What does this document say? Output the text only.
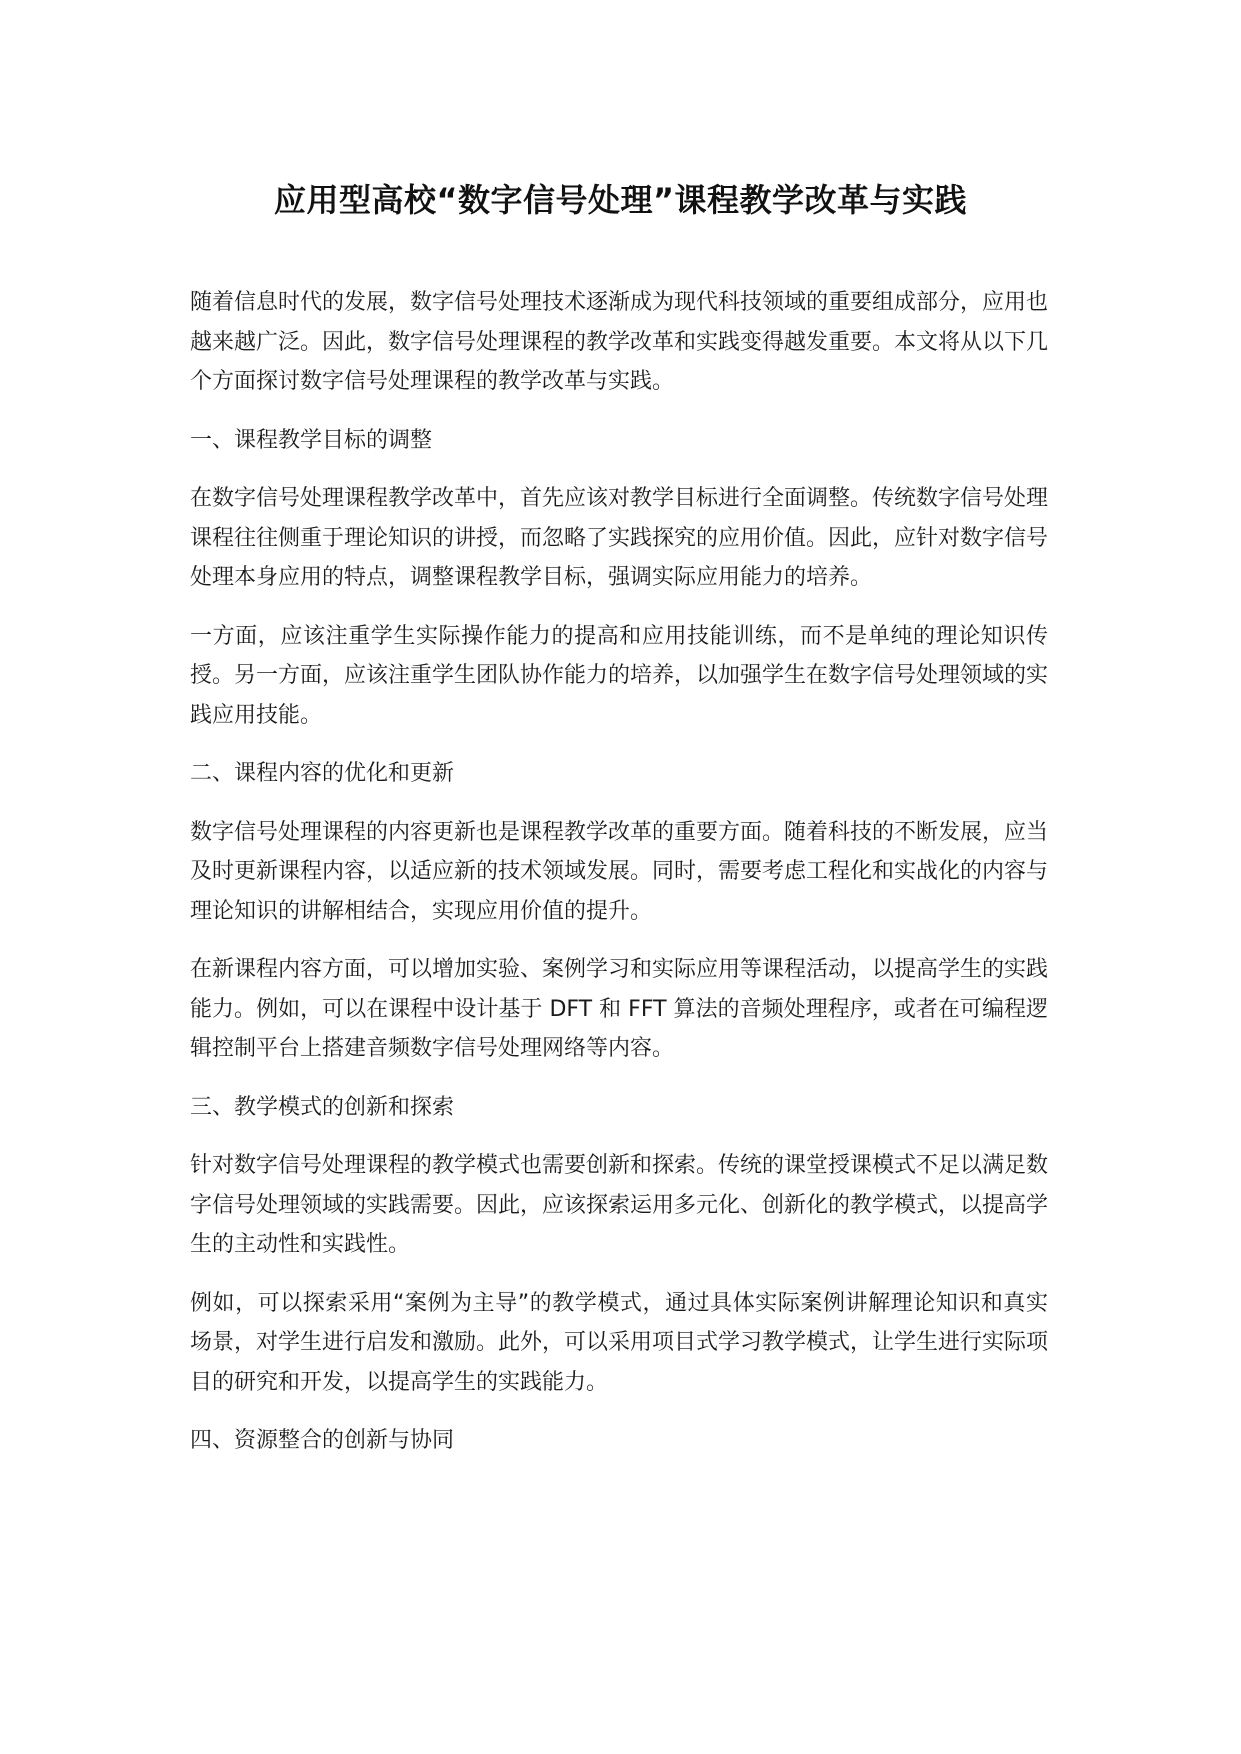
应用型高校“数字信号处理”课程教学改革与实践

随着信息时代的发展，数字信号处理技术逐渐成为现代科技领域的重要组成部分，应用也越来越广泛。因此，数字信号处理课程的教学改革和实践变得越发重要。本文将从以下几个方面探讨数字信号处理课程的教学改革与实践。

一、课程教学目标的调整

在数字信号处理课程教学改革中，首先应该对教学目标进行全面调整。传统数字信号处理课程往往侧重于理论知识的讲授，而忽略了实践探究的应用价值。因此，应针对数字信号处理本身应用的特点，调整课程教学目标，强调实际应用能力的培养。

一方面，应该注重学生实际操作能力的提高和应用技能训练，而不是单纯的理论知识传授。另一方面，应该注重学生团队协作能力的培养，以加强学生在数字信号处理领域的实践应用技能。

二、课程内容的优化和更新

数字信号处理课程的内容更新也是课程教学改革的重要方面。随着科技的不断发展，应当及时更新课程内容，以适应新的技术领域发展。同时，需要考虑工程化和实战化的内容与理论知识的讲解相结合，实现应用价值的提升。

在新课程内容方面，可以增加实验、案例学习和实际应用等课程活动，以提高学生的实践能力。例如，可以在课程中设计基于 DFT 和 FFT 算法的音频处理程序，或者在可编程逻辑控制平台上搭建音频数字信号处理网络等内容。

三、教学模式的创新和探索

针对数字信号处理课程的教学模式也需要创新和探索。传统的课堂授课模式不足以满足数字信号处理领域的实践需要。因此，应该探索运用多元化、创新化的教学模式，以提高学生的主动性和实践性。

例如，可以探索采用“案例为主导”的教学模式，通过具体实际案例讲解理论知识和真实场景，对学生进行启发和激励。此外，可以采用项目式学习教学模式，让学生进行实际项目的研究和开发，以提高学生的实践能力。

四、资源整合的创新与协同
